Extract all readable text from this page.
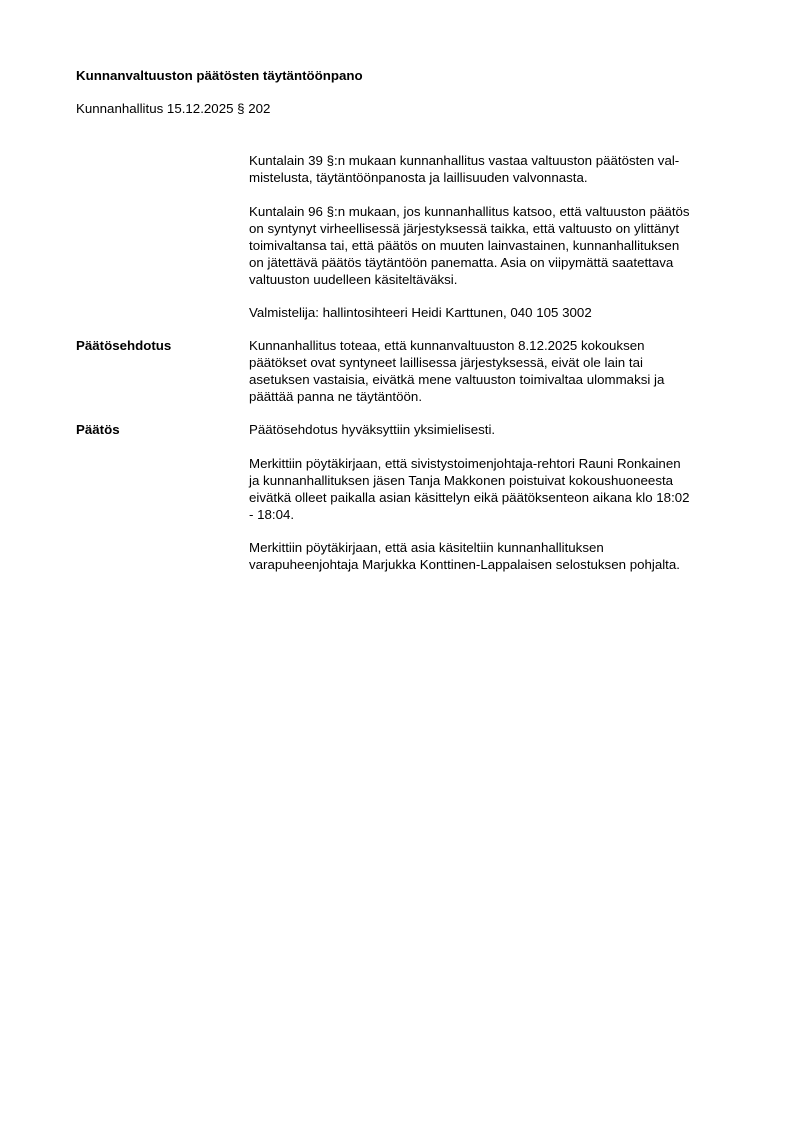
Kunnanvaltuuston päätösten täytäntöönpano
Kunnanhallitus 15.12.2025 § 202
Kuntalain 39 §:n mukaan kunnanhallitus vastaa valtuuston päätösten val-
mistelusta, täytäntöönpanosta ja laillisuuden valvonnasta.
Kuntalain 96 §:n mukaan, jos kunnanhallitus katsoo, että valtuuston päätös
on syntynyt virheellisessä järjestyksessä taikka, että valtuusto on ylittänyt
toimivaltansa tai, että päätös on muuten lainvastainen, kunnanhallituksen
on jätettävä päätös täytäntöön panematta. Asia on viipymättä saatettava
valtuuston uudelleen käsiteltäväksi.
Valmistelija: hallintosihteeri Heidi Karttunen, 040 105 3002
Päätösehdotus	Kunnanhallitus toteaa, että kunnanvaltuuston 8.12.2025 kokouksen
päätökset ovat syntyneet laillisessa järjestyksessä, eivät ole lain tai
asetuksen vastaisia, eivätkä mene valtuuston toimivaltaa ulommaksi ja
päättää panna ne täytäntöön.
Päätös	Päätösehdotus hyväksyttiin yksimielisesti.
Merkittiin pöytäkirjaan, että sivistystoimenjohtaja-rehtori Rauni Ronkainen
ja kunnanhallituksen jäsen Tanja Makkonen poistuivat kokoushuoneesta
eivätkä olleet paikalla asian käsittelyn eikä päätöksenteon aikana klo 18:02
- 18:04.
Merkittiin pöytäkirjaan, että asia käsiteltiin kunnanhallituksen
varapuheenjohtaja Marjukka Konttinen-Lappalaisen selostuksen pohjalta.
